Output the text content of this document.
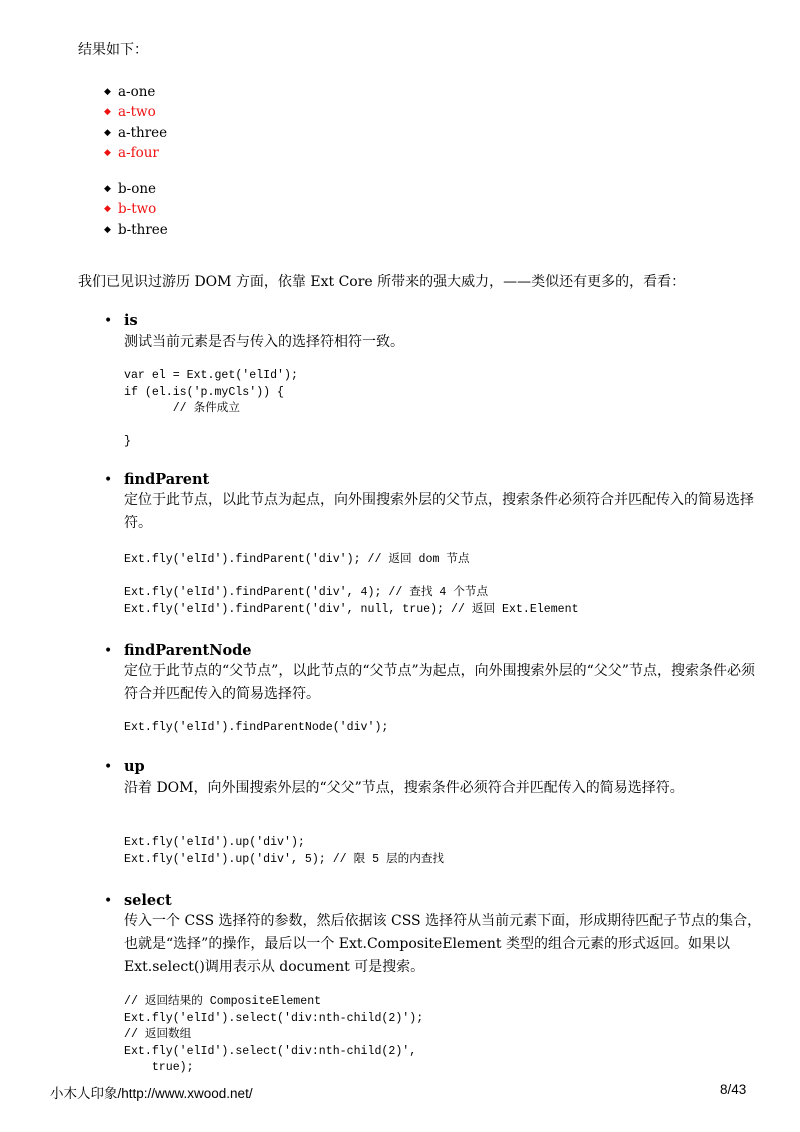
结果如下：
◆ a-one
◆ a-two
◆ a-three
◆ a-four
◆ b-one
◆ b-two
◆ b-three
我们已见识过游历 DOM 方面，依靠 Ext Core 所带来的强大威力，——类似还有更多的，看看：
• is
测试当前元素是否与传入的选择符相符一致。
var el = Ext.get('elId');
if (el.is('p.myCls')) {
// 条件成立

}
• findParent
定位于此节点，以此节点为起点，向外围搜索外层的父节点，搜索条件必须符合并匹配传入的简易选择符。
Ext.fly('elId').findParent('div'); // 返回 dom 节点

Ext.fly('elId').findParent('div', 4); // 查找 4 个节点
Ext.fly('elId').findParent('div', null, true); // 返回 Ext.Element
• findParentNode
定位于此节点的“父节点”，以此节点的“父节点”为起点，向外围搜索外层的“父父”节点，搜索条件必须符合并匹配传入的简易选择符。
Ext.fly('elId').findParentNode('div');
• up
沿着 DOM，向外围搜索外层的“父父”节点，搜索条件必须符合并匹配传入的简易选择符。
Ext.fly('elId').up('div');
Ext.fly('elId').up('div', 5); // 限 5 层的内查找
• select
传入一个 CSS 选择符的参数，然后依据该 CSS 选择符从当前元素下面，形成期待匹配子节点的集合，也就是“选择”的操作，最后以一个 Ext.CompositeElement 类型的组合元素的形式返回。如果以 Ext.select()调用表示从 document 可是搜索。
// 返回结果的 CompositeElement
Ext.fly('elId').select('div:nth-child(2)');
// 返回数组
Ext.fly('elId').select('div:nth-child(2)',
true);
小木人印象/http://www.xwood.net/	8/43
